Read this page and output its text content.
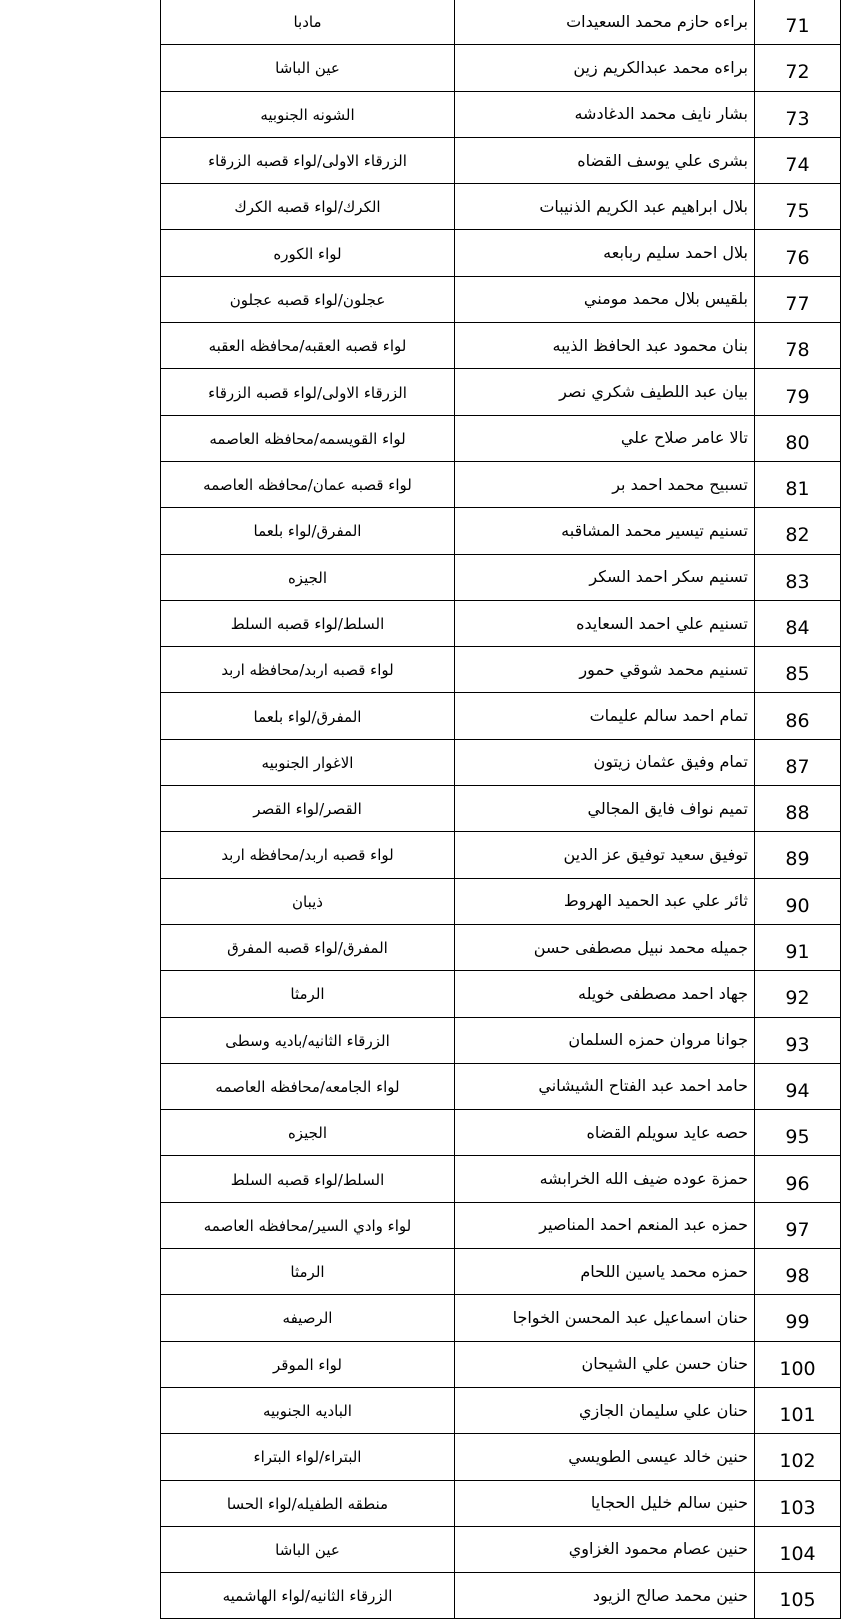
مادبا	براءه حازم محمد السعيدات	71
عين الباشا	براءه محمد عبدالكريم زين	72
الشونه الجنوبيه	بشار نايف محمد الدغادشه	73
الزرقاء الاولى/لواء قصبه الزرقاء	بشرى علي يوسف القضاه	74
الكرك/لواء قصبه الكرك	بلال ابراهيم عبد الكريم الذنيبات	75
لواء الكوره	بلال احمد سليم ربابعه	76
عجلون/لواء قصبه عجلون	بلقيس بلال محمد مومني	77
لواء قصبه العقبه/محافظه العقبه	بنان محمود عبد الحافظ الذيبه	78
الزرقاء الاولى/لواء قصبه الزرقاء	بيان عبد اللطيف شكري نصر	79
لواء القويسمه/محافظه العاصمه	تالا عامر صلاح علي	80
لواء قصبه عمان/محافظه العاصمه	تسبيح محمد احمد بر	81
المفرق/لواء بلعما	تسنيم تيسير محمد المشاقبه	82
الجيزه	تسنيم سكر احمد السكر	83
السلط/لواء قصبه السلط	تسنيم علي احمد السعايده	84
لواء قصبه اربد/محافظه اربد	تسنيم محمد شوقي حمور	85
المفرق/لواء بلعما	تمام احمد سالم عليمات	86
الاغوار الجنوبيه	تمام وفيق عثمان زيتون	87
القصر/لواء القصر	تميم نواف فايق المجالي	88
لواء قصبه اربد/محافظه اربد	توفيق سعيد توفيق عز الدين	89
ذيبان	ثائر علي عبد الحميد الهروط	90
المفرق/لواء قصبه المفرق	جميله محمد نبيل مصطفى حسن	91
الرمثا	جهاد احمد مصطفى خويله	92
الزرقاء الثانيه/باديه وسطى	جوانا مروان حمزه السلمان	93
لواء الجامعه/محافظه العاصمه	حامد احمد عبد الفتاح الشيشاني	94
الجيزه	حصه عايد سويلم القضاه	95
السلط/لواء قصبه السلط	حمزة عوده ضيف الله الخرابشه	96
لواء وادي السير/محافظه العاصمه	حمزه عبد المنعم احمد المناصير	97
الرمثا	حمزه محمد ياسين اللحام	98
الرصيفه	حنان اسماعيل عبد المحسن الخواجا	99
لواء الموقر	حنان حسن علي الشيحان	100
الباديه الجنوبيه	حنان علي سليمان الجازي	101
البتراء/لواء البتراء	حنين خالد عيسى الطويسي	102
منطقه الطفيله/لواء الحسا	حنين سالم خليل الحجايا	103
عين الباشا	حنين عصام محمود الغزاوي	104
الزرقاء الثانيه/لواء الهاشميه	حنين محمد صالح الزيود	105
